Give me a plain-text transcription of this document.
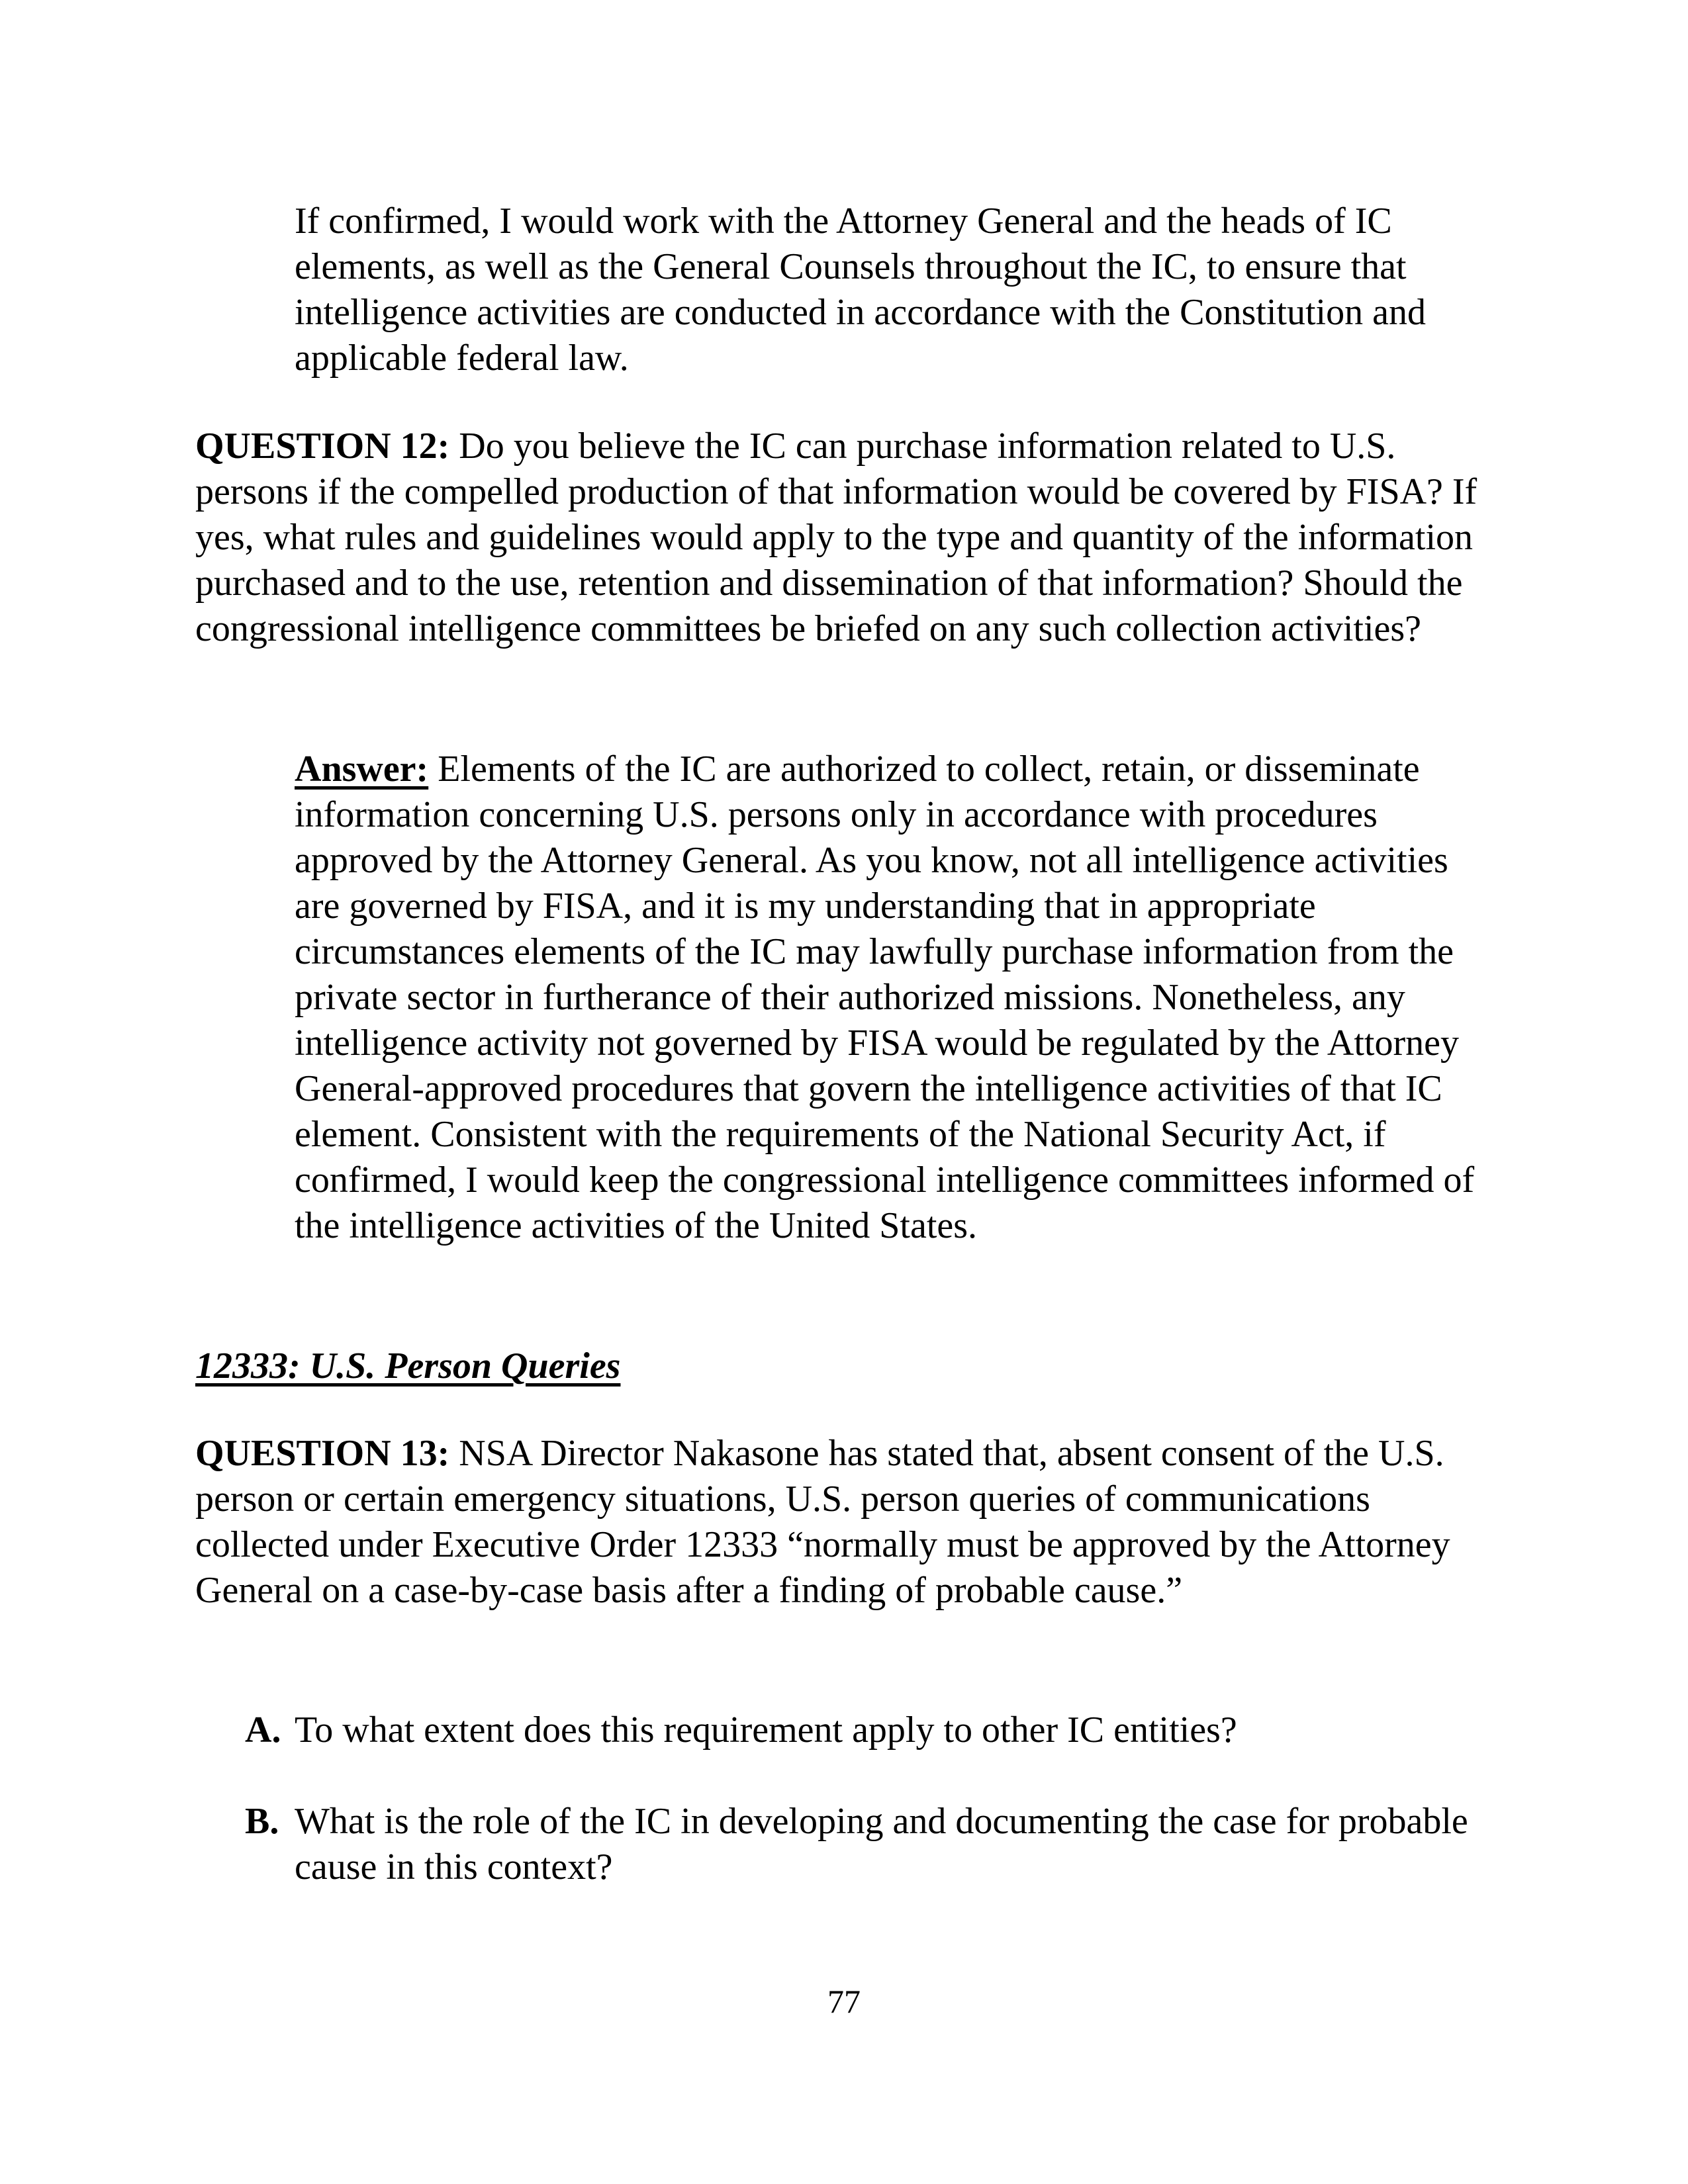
If confirmed, I would work with the Attorney General and the heads of IC elements, as well as the General Counsels throughout the IC, to ensure that intelligence activities are conducted in accordance with the Constitution and applicable federal law.

QUESTION 12: Do you believe the IC can purchase information related to U.S. persons if the compelled production of that information would be covered by FISA? If yes, what rules and guidelines would apply to the type and quantity of the information purchased and to the use, retention and dissemination of that information? Should the congressional intelligence committees be briefed on any such collection activities?

Answer: Elements of the IC are authorized to collect, retain, or disseminate information concerning U.S. persons only in accordance with procedures approved by the Attorney General. As you know, not all intelligence activities are governed by FISA, and it is my understanding that in appropriate circumstances elements of the IC may lawfully purchase information from the private sector in furtherance of their authorized missions. Nonetheless, any intelligence activity not governed by FISA would be regulated by the Attorney General-approved procedures that govern the intelligence activities of that IC element. Consistent with the requirements of the National Security Act, if confirmed, I would keep the congressional intelligence committees informed of the intelligence activities of the United States.

12333: U.S. Person Queries

QUESTION 13: NSA Director Nakasone has stated that, absent consent of the U.S. person or certain emergency situations, U.S. person queries of communications collected under Executive Order 12333 “normally must be approved by the Attorney General on a case-by-case basis after a finding of probable cause.”

A. To what extent does this requirement apply to other IC entities?
B. What is the role of the IC in developing and documenting the case for probable cause in this context?
77
